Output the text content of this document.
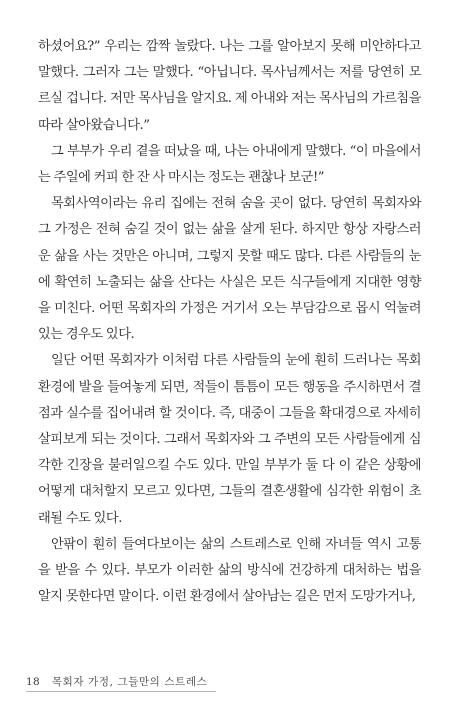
하셨어요?” 우리는 깜짝 놀랐다. 나는 그를 알아보지 못해 미안하다고 말했다. 그러자 그는 말했다. “아닙니다. 목사님께서는 저를 당연히 모르실 겁니다. 저만 목사님을 알지요. 제 아내와 저는 목사님의 가르침을 따라 살아왔습니다.”

그 부부가 우리 곁을 떠났을 때, 나는 아내에게 말했다. “이 마을에서는 주일에 커피 한 잔 사 마시는 정도는 괜찮나 보군!”

목회사역이라는 유리 집에는 전혀 숨을 곳이 없다. 당연히 목회자와 그 가정은 전혀 숨길 것이 없는 삶을 살게 된다. 하지만 항상 자랑스러운 삶을 사는 것만은 아니며, 그렇지 못할 때도 많다. 다른 사람들의 눈에 확연히 노출되는 삶을 산다는 사실은 모든 식구들에게 지대한 영향을 미친다. 어떤 목회자의 가정은 거기서 오는 부담감으로 몹시 억눌려 있는 경우도 있다.

일단 어떤 목회자가 이처럼 다른 사람들의 눈에 훤히 드러나는 목회 환경에 발을 들여놓게 되면, 적들이 틈틈이 모든 행동을 주시하면서 결점과 실수를 집어내려 할 것이다. 즉, 대중이 그들을 확대경으로 자세히 살피보게 되는 것이다. 그래서 목회자와 그 주변의 모든 사람들에게 심각한 긴장을 불러일으킬 수도 있다. 만일 부부가 둘 다 이 같은 상황에 어떻게 대처할지 모르고 있다면, 그들의 결혼생활에 심각한 위험이 초래될 수도 있다.

안팎이 훤히 들여다보이는 삶의 스트레스로 인해 자녀들 역시 고통을 받을 수 있다. 부모가 이러한 삶의 방식에 건강하게 대처하는 법을 알지 못한다면 말이다. 이런 환경에서 살아남는 길은 먼저 도망가거나,

18 목회자 가정, 그들만의 스트레스
